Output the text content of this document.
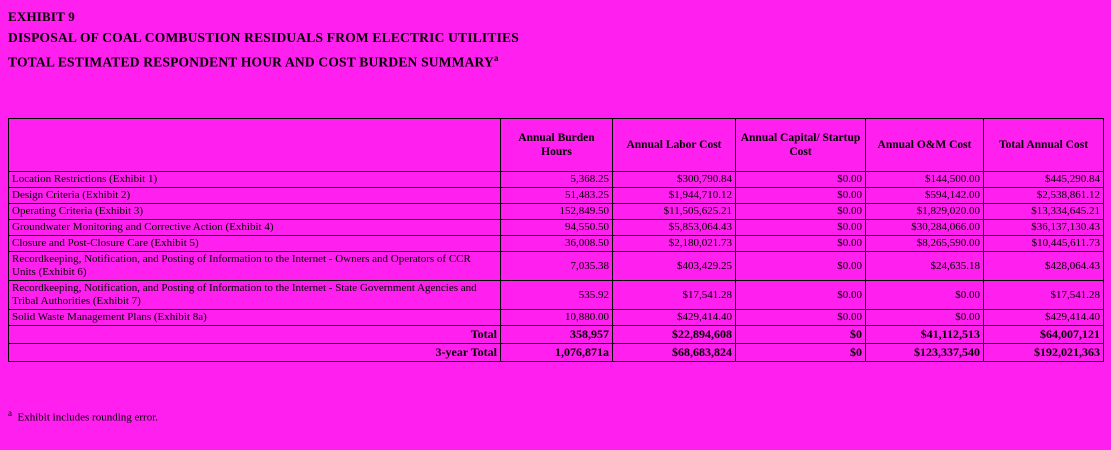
EXHIBIT 9
DISPOSAL OF COAL COMBUSTION RESIDUALS FROM ELECTRIC UTILITIES
TOTAL ESTIMATED RESPONDENT HOUR AND COST BURDEN SUMMARY$^a$
	Annual Burden Hours	Annual Labor Cost	Annual Capital/ Startup Cost	Annual O&M Cost	Total Annual Cost
Location Restrictions (Exhibit 1)	5,368.25	$300,790.84	$0.00	$144,500.00	$445,290.84
Design Criteria (Exhibit 2)	51,483.25	$1,944,710.12	$0.00	$594,142.00	$2,538,861.12
Operating Criteria (Exhibit 3)	152,849.50	$11,505,625.21	$0.00	$1,829,020.00	$13,334,645.21
Groundwater Monitoring and Corrective Action (Exhibit 4)	94,550.50	$5,853,064.43	$0.00	$30,284,066.00	$36,137,130.43
Closure and Post-Closure Care (Exhibit 5)	36,008.50	$2,180,021.73	$0.00	$8,265,590.00	$10,445,611.73
Recordkeeping, Notification, and Posting of Information to the Internet - Owners and Operators of CCR Units (Exhibit 6)	7,035.38	$403,429.25	$0.00	$24,635.18	$428,064.43
Recordkeeping, Notification, and Posting of Information to the Internet - State Government Agencies and Tribal Authorities (Exhibit 7)	535.92	$17,541.28	$0.00	$0.00	$17,541.28
Solid Waste Management Plans (Exhibit 8a)	10,880.00	$429,414.40	$0.00	$0.00	$429,414.40
Total	358,957	$22,894,608	$0	$41,112,513	$64,007,121
3-year Total	1,076,871a	$68,683,824	$0	$123,337,540	$192,021,363
$^a$ Exhibit includes rounding error.
